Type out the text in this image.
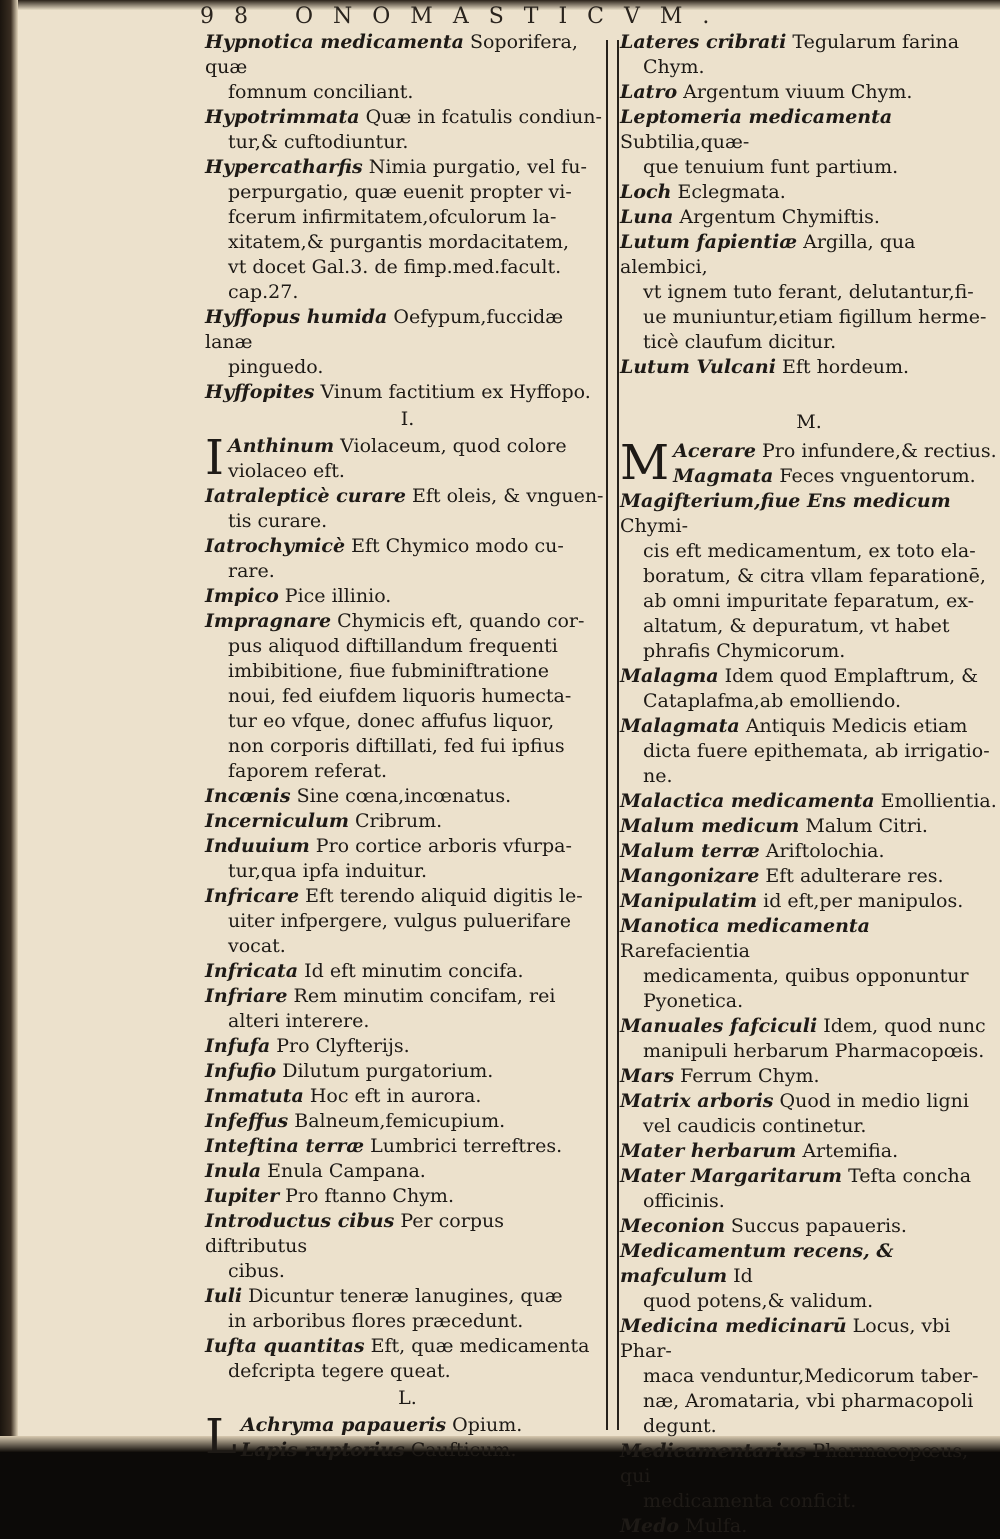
98 ONOMASTICVM.
Hypnotica medicamenta Soporifera, quæ
fomnum conciliant.
Hypotrimmata Quæ in fcatulis condiun-
tur,& cuftodiuntur.
Hypercatharfis Nimia purgatio, vel fu-
perpurgatio, quæ euenit propter vi-
fcerum infirmitatem,ofculorum la-
xitatem,& purgantis mordacitatem,
vt docet Gal.3. de fimp.med.facult.
cap.27.
Hyffopus humida Oefypum,fuccidæ lanæ
pinguedo.
Hyffopites Vinum factitium ex Hyffopo.
I.
I Anthinum Violaceum, quod colore
violaceo eft.
Iatralepticè curare Eft oleis, & vnguen-
tis curare.
Iatrochymicè Eft Chymico modo cu-
rare.
Impico Pice illinio.
Impragnare Chymicis eft, quando cor-
pus aliquod diftillandum frequenti
imbibitione, fiue fubminiftratione
noui, fed eiufdem liquoris humecta-
tur eo vfque, donec affufus liquor,
non corporis diftillati, fed fui ipfius
faporem referat.
Incœnis Sine cœna,incœnatus.
Incerniculum Cribrum.
Induuium Pro cortice arboris vfurpa-
tur,qua ipfa induitur.
Infricare Eft terendo aliquid digitis le-
uiter infpergere, vulgus puluerifare
vocat.
Infricata Id eft minutim concifa.
Infriare Rem minutim concifam, rei
alteri interere.
Infufa Pro Clyfterijs.
Infufio Dilutum purgatorium.
Inmatuta Hoc eft in aurora.
Infeffus Balneum,femicupium.
Inteftina terræ Lumbrici terreftres.
Inula Enula Campana.
Iupiter Pro ftanno Chym.
Introductus cibus Per corpus diftributus
cibus.
Iuli Dicuntur teneræ lanugines, quæ
in arboribus flores præcedunt.
Iufta quantitas Eft, quæ medicamenta
defcripta tegere queat.
L.
L Achryma papaueris Opium.
Lapis ruptorius Caufticum.
Lateres cribrati Tegularum farina
Chym.
Latro Argentum viuum Chym.
Leptomeria medicamenta Subtilia,quæ-
que tenuium funt partium.
Loch Eclegmata.
Luna Argentum Chymiftis.
Lutum fapientiæ Argilla, qua alembici,
vt ignem tuto ferant, delutantur,fi-
ue muniuntur,etiam figillum herme-
ticè claufum dicitur.
Lutum Vulcani Eft hordeum.
M.
M Acerare Pro infundere,& rectius.
Magmata Feces vnguentorum.
Magifterium,fiue Ens medicum Chymi-
cis eft medicamentum, ex toto ela-
boratum, & citra vllam feparationē,
ab omni impuritate feparatum, ex-
altatum, & depuratum, vt habet
phrafis Chymicorum.
Malagma Idem quod Emplaftrum, &
Cataplafma,ab emolliendo.
Malagmata Antiquis Medicis etiam
dicta fuere epithemata, ab irrigatio-
ne.
Malactica medicamenta Emollientia.
Malum medicum Malum Citri.
Malum terræ Ariftolochia.
Mangonizare Eft adulterare res.
Manipulatim id eft,per manipulos.
Manotica medicamenta Rarefacientia
medicamenta, quibus opponuntur
Pyonetica.
Manuales fafciculi Idem, quod nunc
manipuli herbarum Pharmacopœis.
Mars Ferrum Chym.
Matrix arboris Quod in medio ligni
vel caudicis continetur.
Mater herbarum Artemifia.
Mater Margaritarum Tefta concha
officinis.
Meconion Succus papaueris.
Medicamentum recens, & mafculum Id
quod potens,& validum.
Medicina medicinarū Locus, vbi Phar-
maca venduntur,Medicorum taber-
næ, Aromataria, vbi pharmacopoli
degunt.
Medicamentarius Pharmacopœus, qui
medicamenta conficit.
Medo Mulfa.
